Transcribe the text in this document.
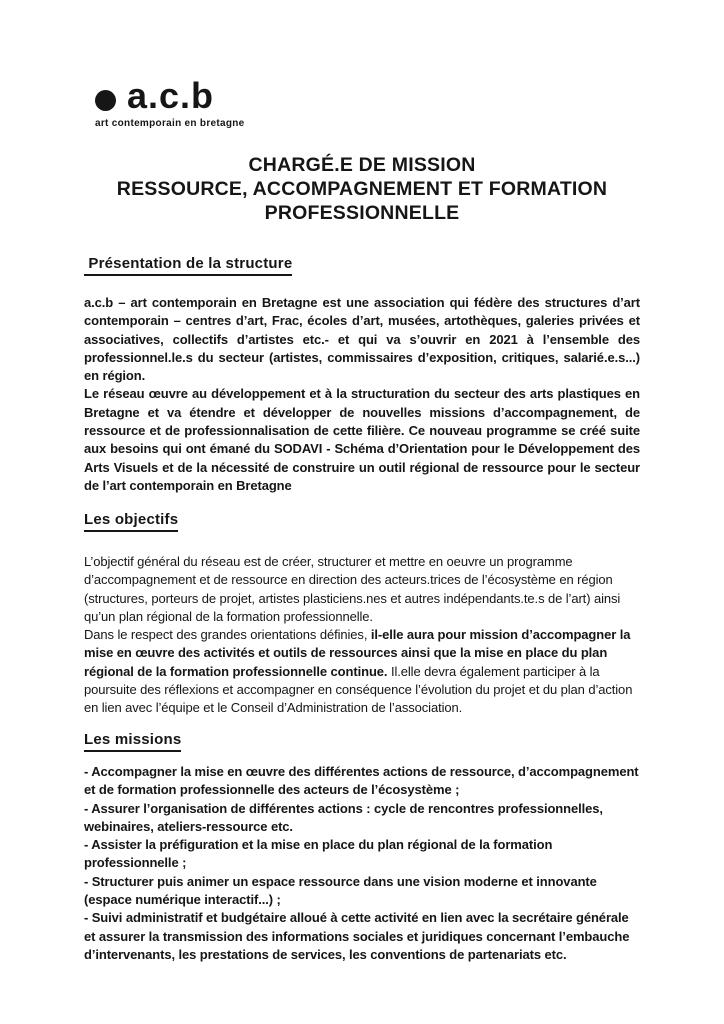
a.c.b
art contemporain en bretagne
CHARGÉ.E DE MISSION
RESSOURCE, ACCOMPAGNEMENT ET FORMATION
PROFESSIONNELLE
Présentation de la structure

a.c.b – art contemporain en Bretagne est une association qui fédère des structures d’art contemporain – centres d’art, Frac, écoles d’art, musées, artothèques, galeries privées et associatives, collectifs d’artistes etc.- et qui va s’ouvrir en 2021 à l’ensemble des professionnel.le.s du secteur (artistes, commissaires d’exposition, critiques, salarié.e.s...) en région.

Le réseau œuvre au développement et à la structuration du secteur des arts plastiques en Bretagne et va étendre et développer de nouvelles missions d’accompagnement, de ressource et de professionnalisation de cette filière. Ce nouveau programme se créé suite aux besoins qui ont émané du SODAVI - Schéma d’Orientation pour le Développement des Arts Visuels et de la nécessité de construire un outil régional de ressource pour le secteur de l’art contemporain en Bretagne

Les objectifs

L’objectif général du réseau est de créer, structurer et mettre en oeuvre un programme d’accompagnement et de ressource en direction des acteurs.trices de l’écosystème en région (structures, porteurs de projet, artistes plasticiens.nes et autres indépendants.te.s de l’art) ainsi qu’un plan régional de la formation professionnelle.

Dans le respect des grandes orientations définies, il-elle aura pour mission d’accompagner la mise en œuvre des activités et outils de ressources ainsi que la mise en place du plan régional de la formation professionnelle continue. Il.elle devra également participer à la poursuite des réflexions et accompagner en conséquence l’évolution du projet et du plan d’action en lien avec l’équipe et le Conseil d’Administration de l’association.

Les missions

- Accompagner la mise en œuvre des différentes actions de ressource, d’accompagnement et de formation professionnelle des acteurs de l’écosystème ;

- Assurer l’organisation de différentes actions : cycle de rencontres professionnelles, webinaires, ateliers-ressource etc.

- Assister la préfiguration et la mise en place du plan régional de la formation professionnelle ;

- Structurer puis animer un espace ressource dans une vision moderne et innovante (espace numérique interactif...) ;

- Suivi administratif et budgétaire alloué à cette activité en lien avec la secrétaire générale et assurer la transmission des informations sociales et juridiques concernant l’embauche d’intervenants, les prestations de services, les conventions de partenariats etc.
